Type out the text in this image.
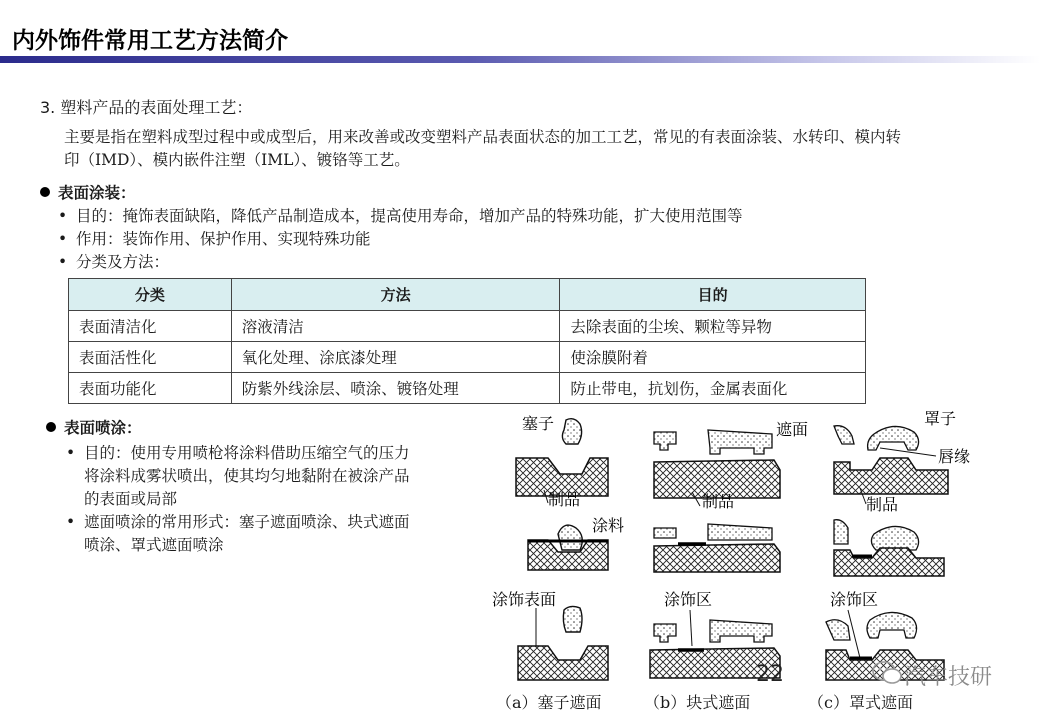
内外饰件常用工艺方法简介
3. 塑料产品的表面处理工艺：
主要是指在塑料成型过程中或成型后，用来改善或改变塑料产品表面状态的加工工艺，常见的有表面涂装、水转印、模内转印（IMD）、模内嵌件注塑（IML）、镀铬等工艺。
表面涂装：
• 目的：掩饰表面缺陷，降低产品制造成本，提高使用寿命，增加产品的特殊功能，扩大使用范围等
• 作用：装饰作用、保护作用、实现特殊功能
• 分类及方法：
分类	方法	目的
表面清洁化	溶液清洁	去除表面的尘埃、颗粒等异物
表面活性化	氧化处理、涂底漆处理	使涂膜附着
表面功能化	防紫外线涂层、喷涂、镀铬处理	防止带电，抗划伤，金属表面化
表面喷涂：
• 目的：使用专用喷枪将涂料借助压缩空气的压力将涂料成雾状喷出，使其均匀地黏附在被涂产品的表面或局部
• 遮面喷涂的常用形式：塞子遮面喷涂、块式遮面喷涂、罩式遮面喷涂
塞子
制品
涂料
涂饰表面
遮面
制品
涂饰区
罩子
唇缘
制品
涂饰区
（a）塞子遮面	（b）块式遮面	（c）罩式遮面
22	汽车技研
